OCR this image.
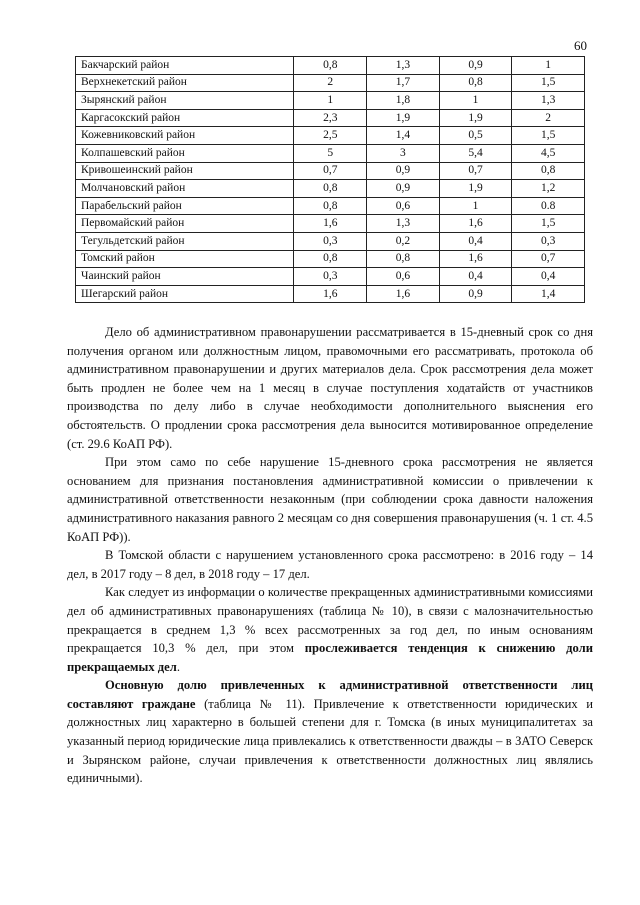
60
Бакчарский район	0,8	1,3	0,9	1
Верхнекетский район	2	1,7	0,8	1,5
Зырянский район	1	1,8	1	1,3
Каргасокский район	2,3	1,9	1,9	2
Кожевниковский район	2,5	1,4	0,5	1,5
Колпашевский район	5	3	5,4	4,5
Кривошеинский район	0,7	0,9	0,7	0,8
Молчановский район	0,8	0,9	1,9	1,2
Парабельский район	0,8	0,6	1	0.8
Первомайский район	1,6	1,3	1,6	1,5
Тегульдетский район	0,3	0,2	0,4	0,3
Томский район	0,8	0,8	1,6	0,7
Чаинский район	0,3	0,6	0,4	0,4
Шегарский район	1,6	1,6	0,9	1,4

Дело об административном правонарушении рассматривается в 15-дневный срок со дня получения органом или должностным лицом, правомочными его рассматривать, протокола об административном правонарушении и других материалов дела. Срок рассмотрения дела может быть продлен не более чем на 1 месяц в случае поступления ходатайств от участников производства по делу либо в случае необходимости дополнительного выяснения его обстоятельств. О продлении срока рассмотрения дела выносится мотивированное определение (ст. 29.6 КоАП РФ).

При этом само по себе нарушение 15-дневного срока рассмотрения не является основанием для признания постановления административной комиссии о привлечении к административной ответственности незаконным (при соблюдении срока давности наложения административного наказания равного 2 месяцам со дня совершения правонарушения (ч. 1 ст. 4.5 КоАП РФ)).

В Томской области с нарушением установленного срока рассмотрено: в 2016 году – 14 дел, в 2017 году – 8 дел, в 2018 году – 17 дел.

Как следует из информации о количестве прекращенных административными комиссиями дел об административных правонарушениях (таблица № 10), в связи с малозначительностью прекращается в среднем 1,3 % всех рассмотренных за год дел, по иным основаниям прекращается 10,3 % дел, при этом прослеживается тенденция к снижению доли прекращаемых дел.

Основную долю привлеченных к административной ответственности лиц составляют граждане (таблица № 11). Привлечение к ответственности юридических и должностных лиц характерно в большей степени для г. Томска (в иных муниципалитетах за указанный период юридические лица привлекались к ответственности дважды – в ЗАТО Северск и Зырянском районе, случаи привлечения к ответственности должностных лиц являлись единичными).
